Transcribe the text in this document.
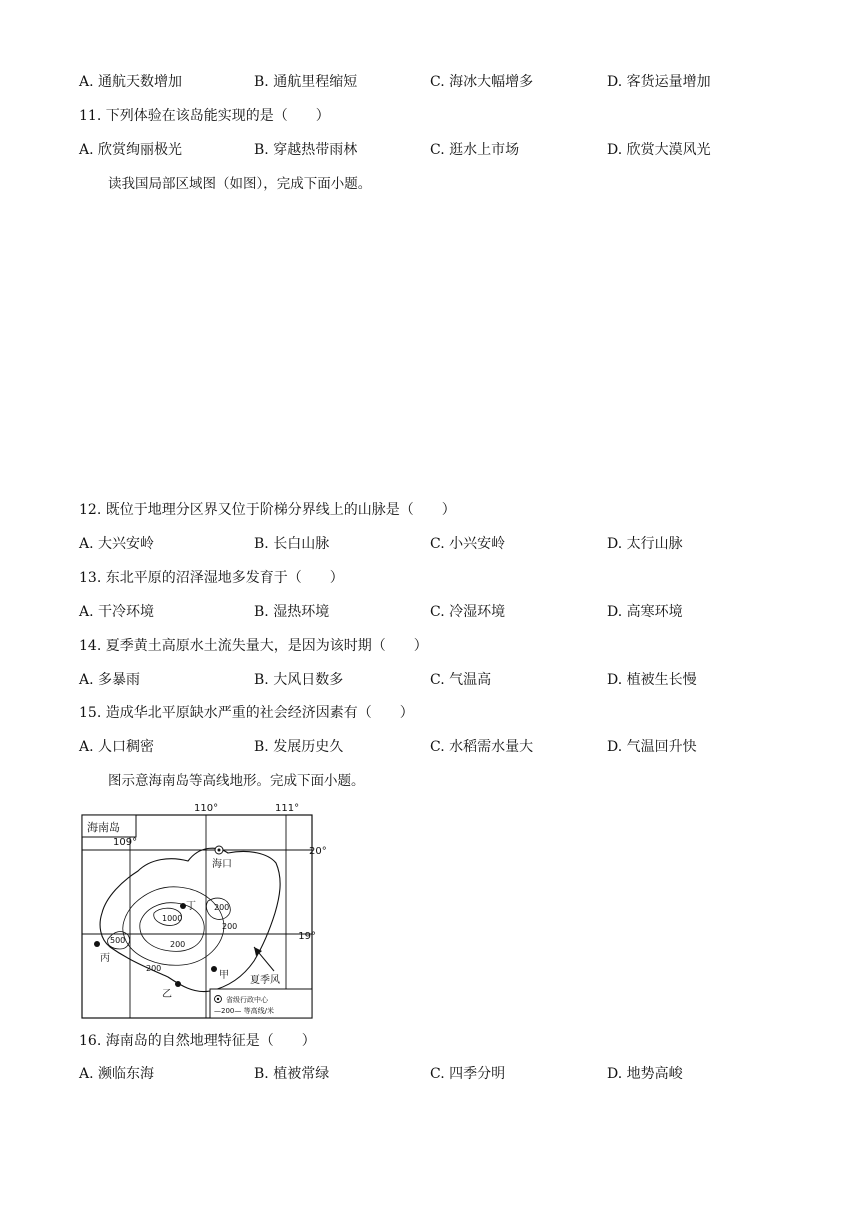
A. 通航天数增加	B. 通航里程缩短	C. 海冰大幅增多	D. 客货运量增加
11. 下列体验在该岛能实现的是（　　）
A. 欣赏绚丽极光	B. 穿越热带雨林	C. 逛水上市场	D. 欣赏大漠风光
读我国局部区域图（如图），完成下面小题。
12. 既位于地理分区界又位于阶梯分界线上的山脉是（　　）
A. 大兴安岭	B. 长白山脉	C. 小兴安岭	D. 太行山脉
13. 东北平原的沼泽湿地多发育于（　　）
A. 干冷环境	B. 湿热环境	C. 冷湿环境	D. 高寒环境
14. 夏季黄土高原水土流失量大，是因为该时期（　　）
A. 多暴雨	B. 大风日数多	C. 气温高	D. 植被生长慢
15. 造成华北平原缺水严重的社会经济因素有（　　）
A. 人口稠密	B. 发展历史久	C. 水稻需水量大	D. 气温回升快
图示意海南岛等高线地形。完成下面小题。
海南岛
110°	111°
109°
20°
19°
200
200
200
200
1000
500
海口
丁
丙
甲
乙
夏季风
省级行政中心
—200— 等高线/米
16. 海南岛的自然地理特征是（　　）
A. 濒临东海	B. 植被常绿	C. 四季分明	D. 地势高峻
